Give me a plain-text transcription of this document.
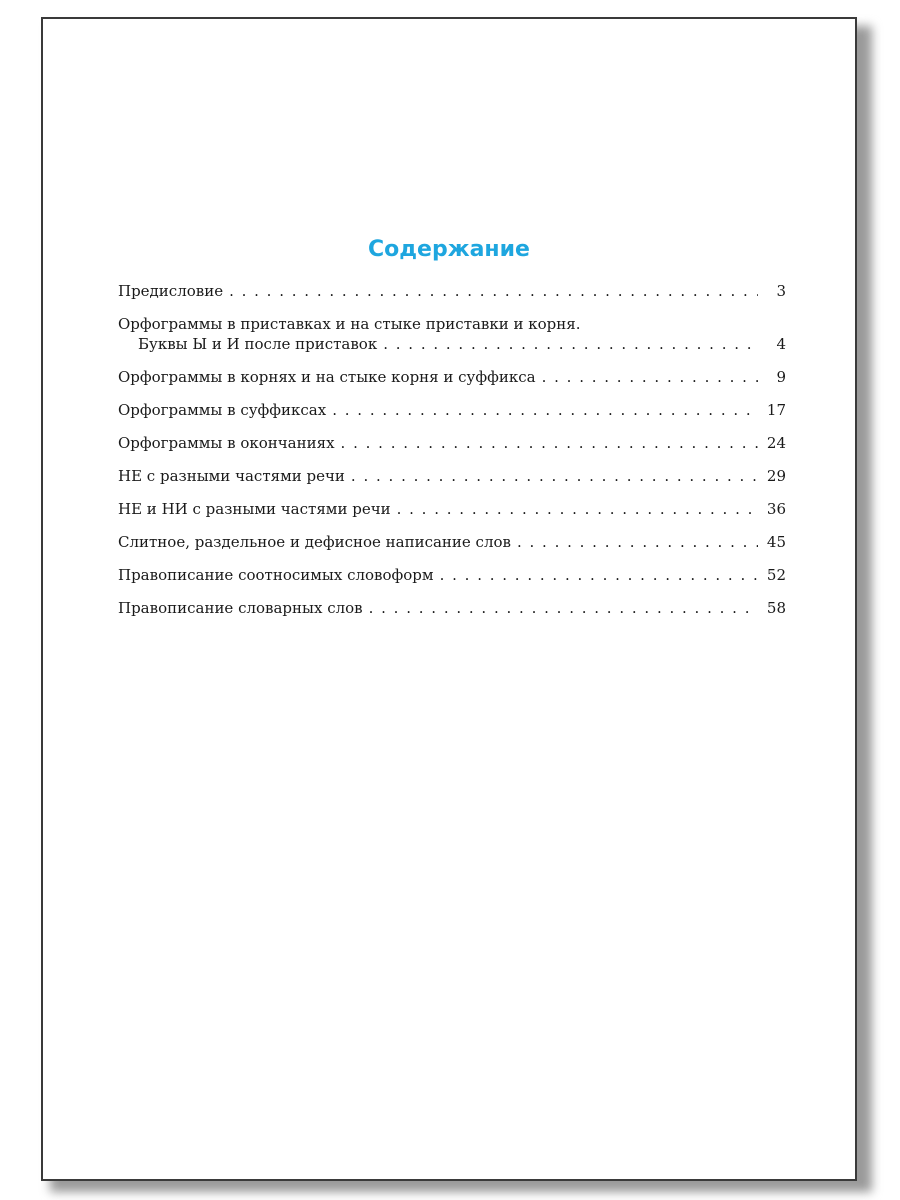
Содержание
Предисловие . . .	3
Орфограммы в приставках и на стыке приставки и корня.
Буквы Ы и И после приставок . . .	4
Орфограммы в корнях и на стыке корня и суффикса . . .	9
Орфограммы в суффиксах . . .	17
Орфограммы в окончаниях . . .	24
НЕ с разными частями речи . . .	29
НЕ и НИ с разными частями речи . . .	36
Слитное, раздельное и дефисное написание слов . . .	45
Правописание соотносимых словоформ . . .	52
Правописание словарных слов . . .	58
